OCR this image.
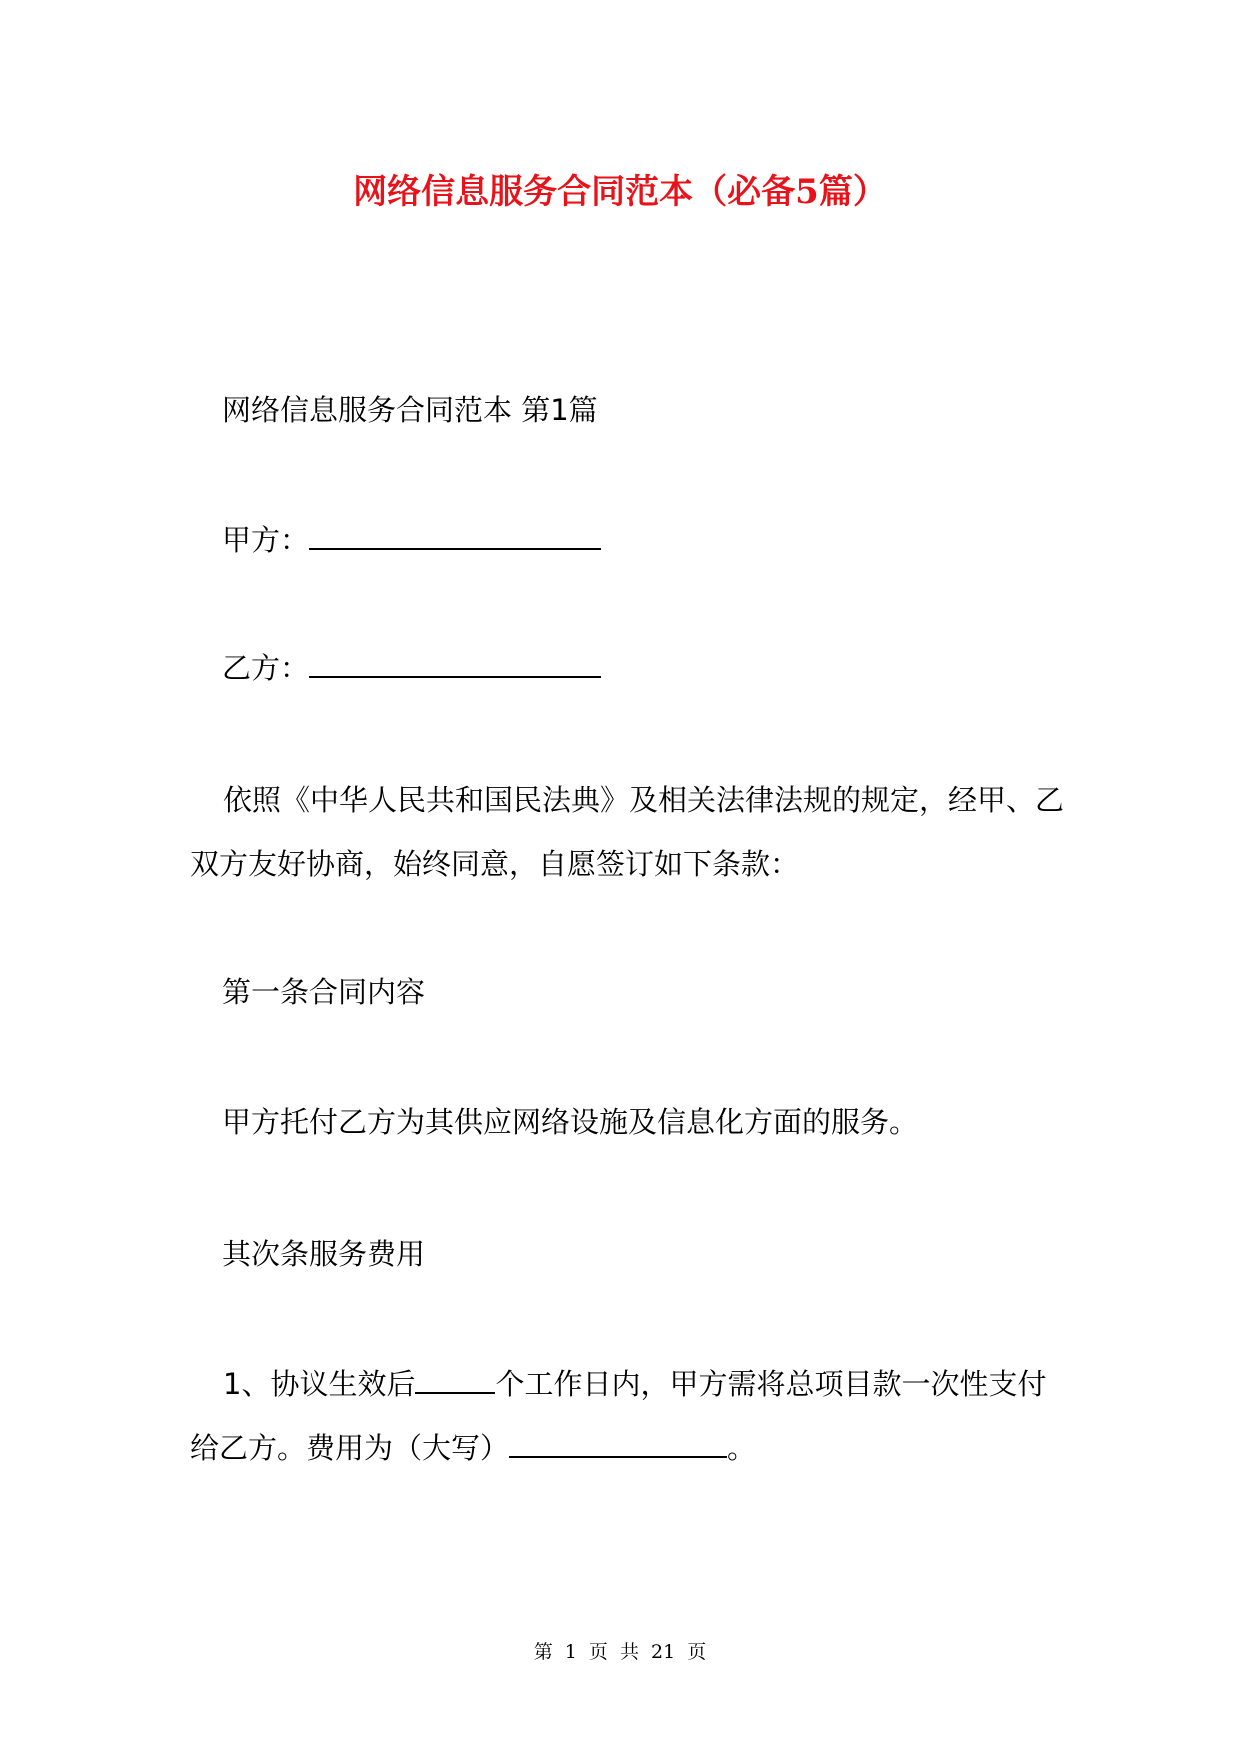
网络信息服务合同范本（必备5篇）

网络信息服务合同范本 第1篇

甲方：

乙方：

依照《中华人民共和国民法典》及相关法律法规的规定，经甲、乙双方友好协商，始终同意，自愿签订如下条款：

第一条合同内容

甲方托付乙方为其供应网络设施及信息化方面的服务。

其次条服务费用

1、协议生效后	个工作日内，甲方需将总项目款一次性支付给乙方。费用为（大写）	。

第 1 页 共 21 页
